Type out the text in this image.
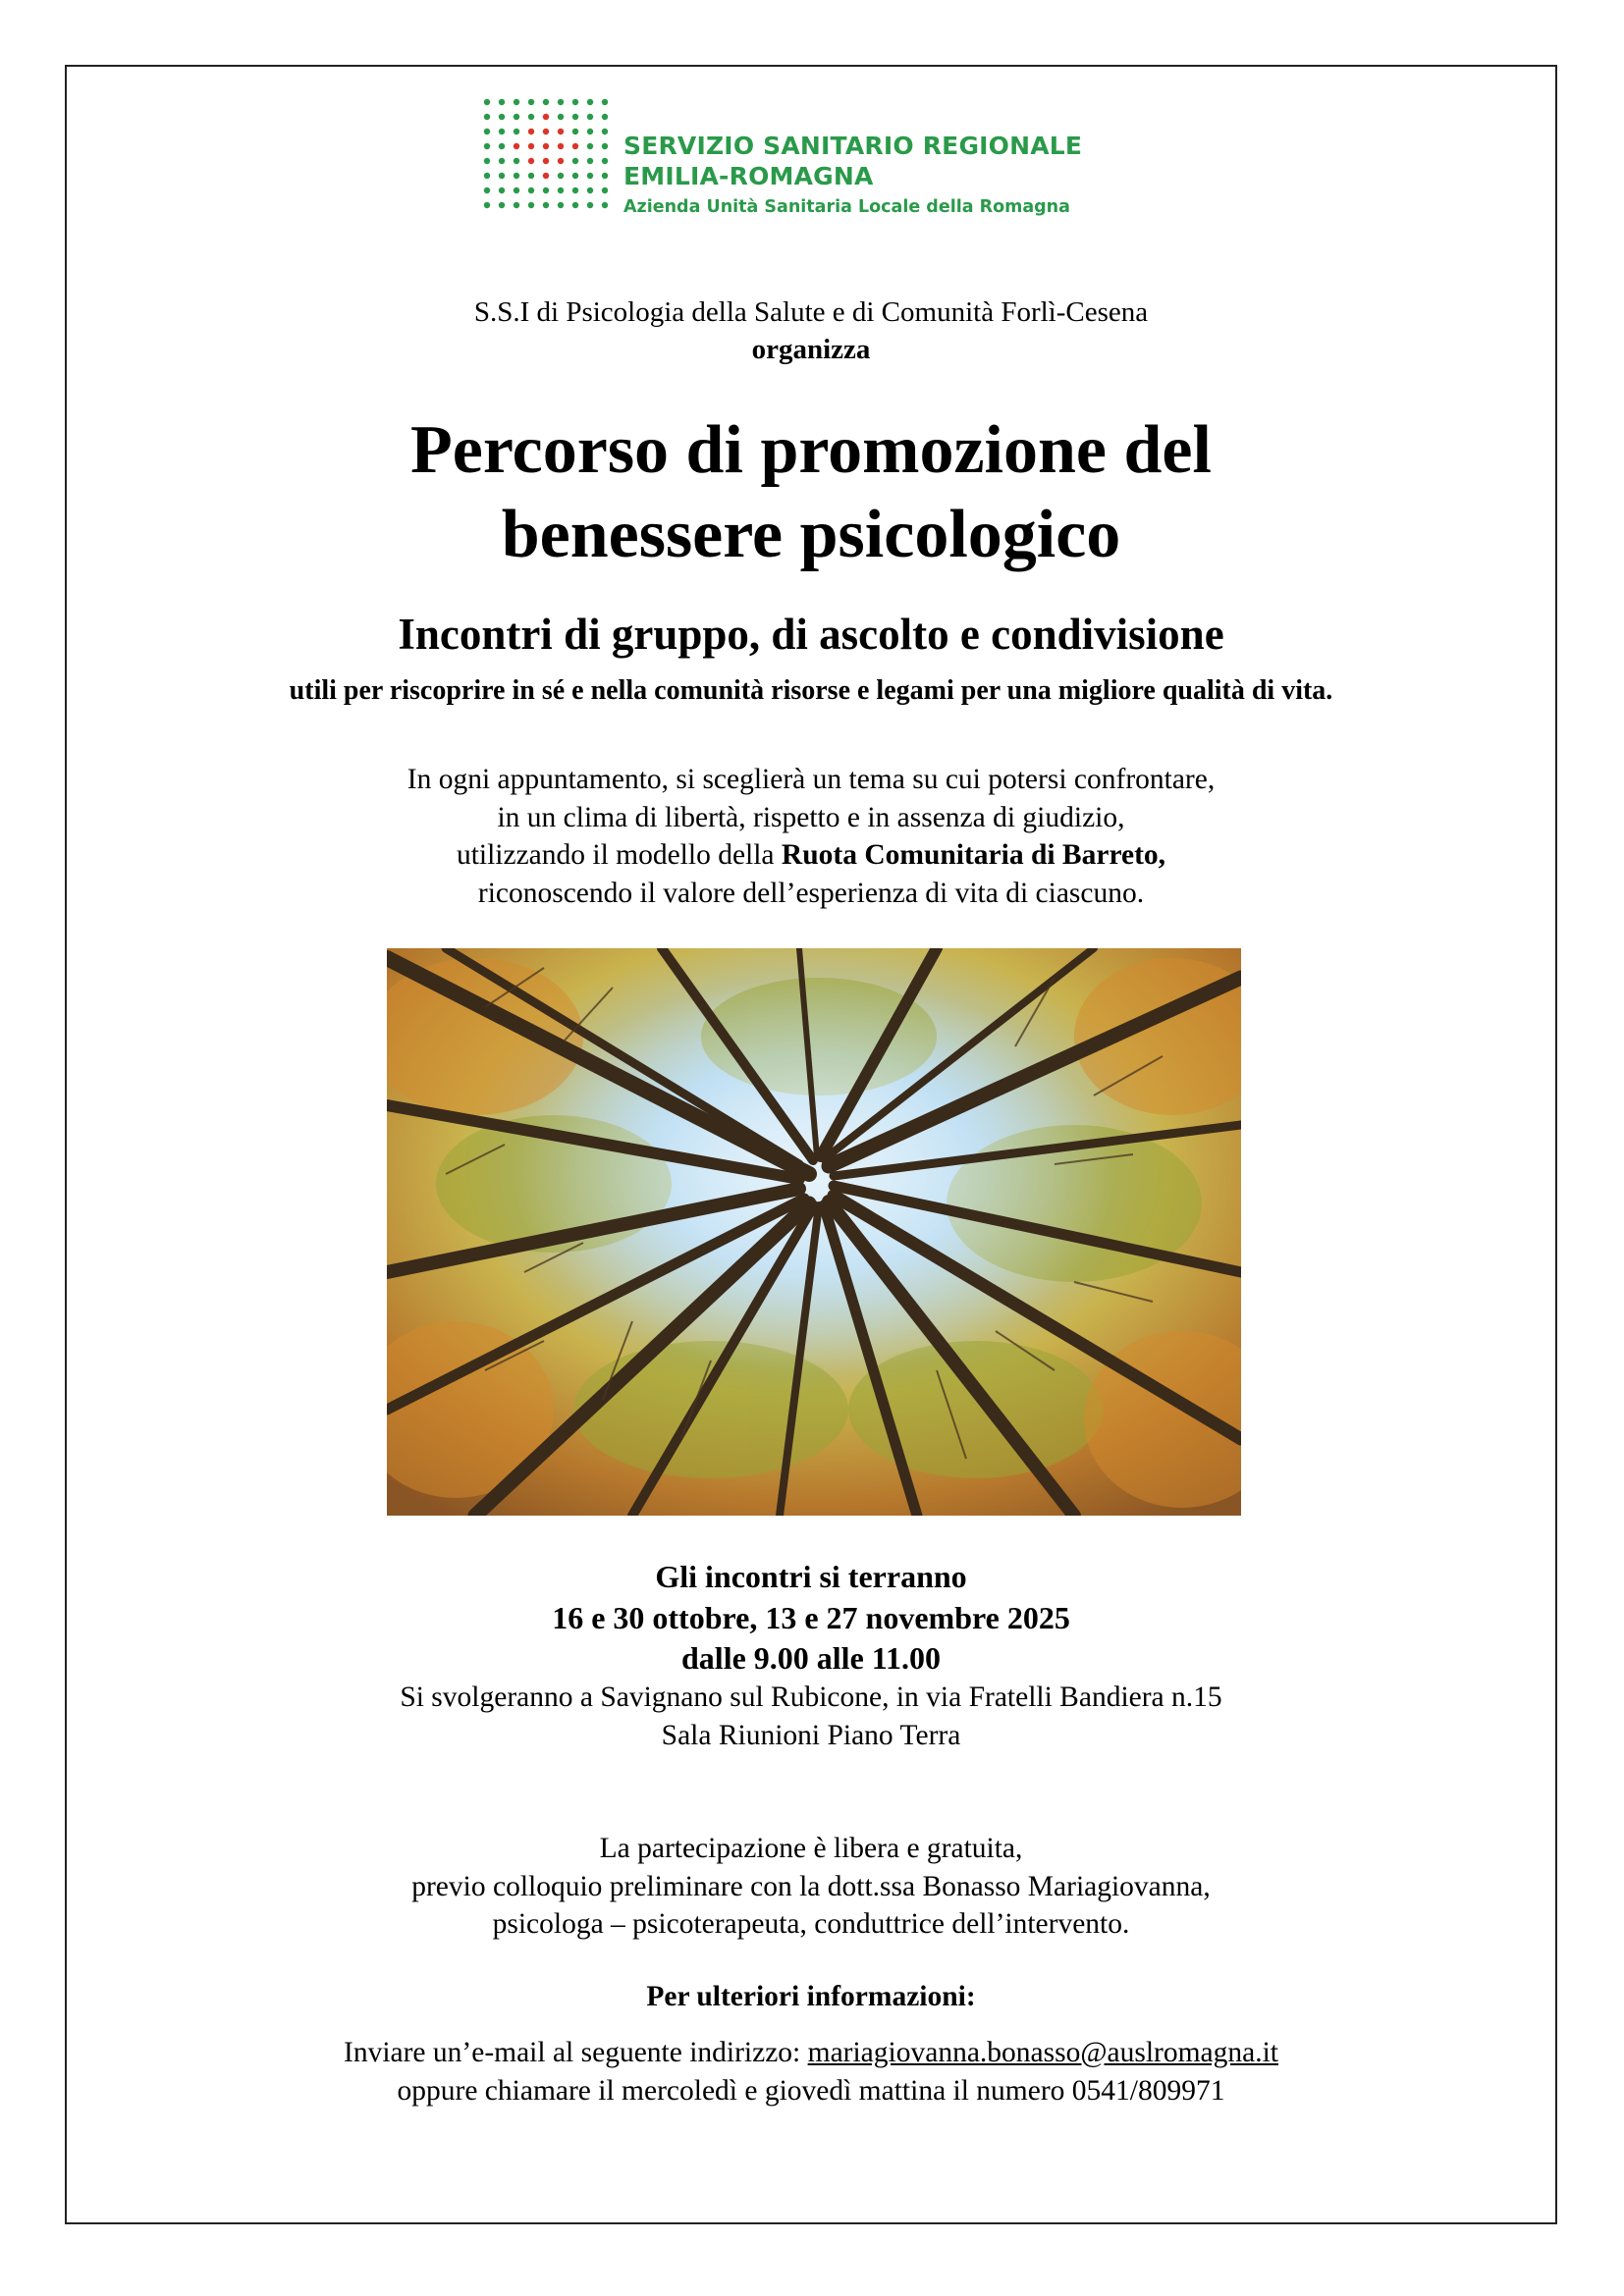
SERVIZIO SANITARIO REGIONALE
EMILIA-ROMAGNA
Azienda Unità Sanitaria Locale della Romagna
S.S.I di Psicologia della Salute e di Comunità Forlì-Cesena
organizza
Percorso di promozione del
benessere psicologico
Incontri di gruppo, di ascolto e condivisione
utili per riscoprire in sé e nella comunità risorse e legami per una migliore qualità di vita.
In ogni appuntamento, si sceglierà un tema su cui potersi confrontare,
in un clima di libertà, rispetto e in assenza di giudizio,
utilizzando il modello della Ruota Comunitaria di Barreto,
riconoscendo il valore dell’esperienza di vita di ciascuno.
Gli incontri si terranno
16 e 30 ottobre, 13 e 27 novembre 2025
dalle 9.00 alle 11.00
Si svolgeranno a Savignano sul Rubicone, in via Fratelli Bandiera n.15
Sala Riunioni Piano Terra
La partecipazione è libera e gratuita,
previo colloquio preliminare con la dott.ssa Bonasso Mariagiovanna,
psicologa – psicoterapeuta, conduttrice dell’intervento.
Per ulteriori informazioni:
Inviare un’e-mail al seguente indirizzo: mariagiovanna.bonasso@auslromagna.it
oppure chiamare il mercoledì e giovedì mattina il numero 0541/809971
